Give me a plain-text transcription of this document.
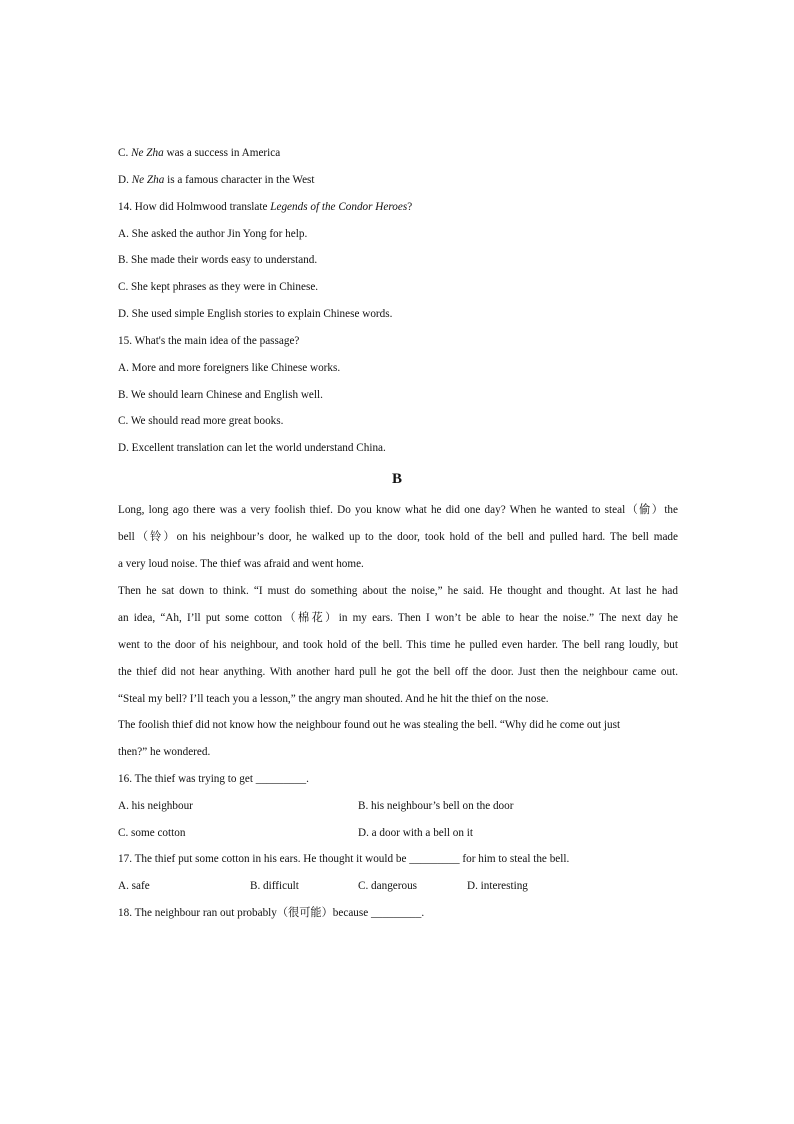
C. Ne Zha was a success in America
D. Ne Zha is a famous character in the West
14. How did Holmwood translate Legends of the Condor Heroes?
A. She asked the author Jin Yong for help.
B. She made their words easy to understand.
C. She kept phrases as they were in Chinese.
D. She used simple English stories to explain Chinese words.
15. What's the main idea of the passage?
A. More and more foreigners like Chinese works.
B. We should learn Chinese and English well.
C. We should read more great books.
D. Excellent translation can let the world understand China.
B
Long, long ago there was a very foolish thief. Do you know what he did one day? When he wanted to steal（偷）the
bell（铃）on his neighbour’s door, he walked up to the door, took hold of the bell and pulled hard. The bell made
a very loud noise. The thief was afraid and went home.
Then he sat down to think. “I must do something about the noise,” he said. He thought and thought. At last he had
an idea, “Ah, I’ll put some cotton（棉花）in my ears. Then I won’t be able to hear the noise.” The next day he
went to the door of his neighbour, and took hold of the bell. This time he pulled even harder. The bell rang loudly, but
the thief did not hear anything. With another hard pull he got the bell off the door. Just then the neighbour came out.
“Steal my bell? I’ll teach you a lesson,” the angry man shouted. And he hit the thief on the nose.
The foolish thief did not know how the neighbour found out he was stealing the bell. “Why did he come out just
then?” he wondered.
16. The thief was trying to get _________.
A. his neighbour	B. his neighbour’s bell on the door
C. some cotton	D. a door with a bell on it
17. The thief put some cotton in his ears. He thought it would be _________ for him to steal the bell.
A. safe	B. difficult	C. dangerous	D. interesting
18. The neighbour ran out probably（很可能）because _________.
